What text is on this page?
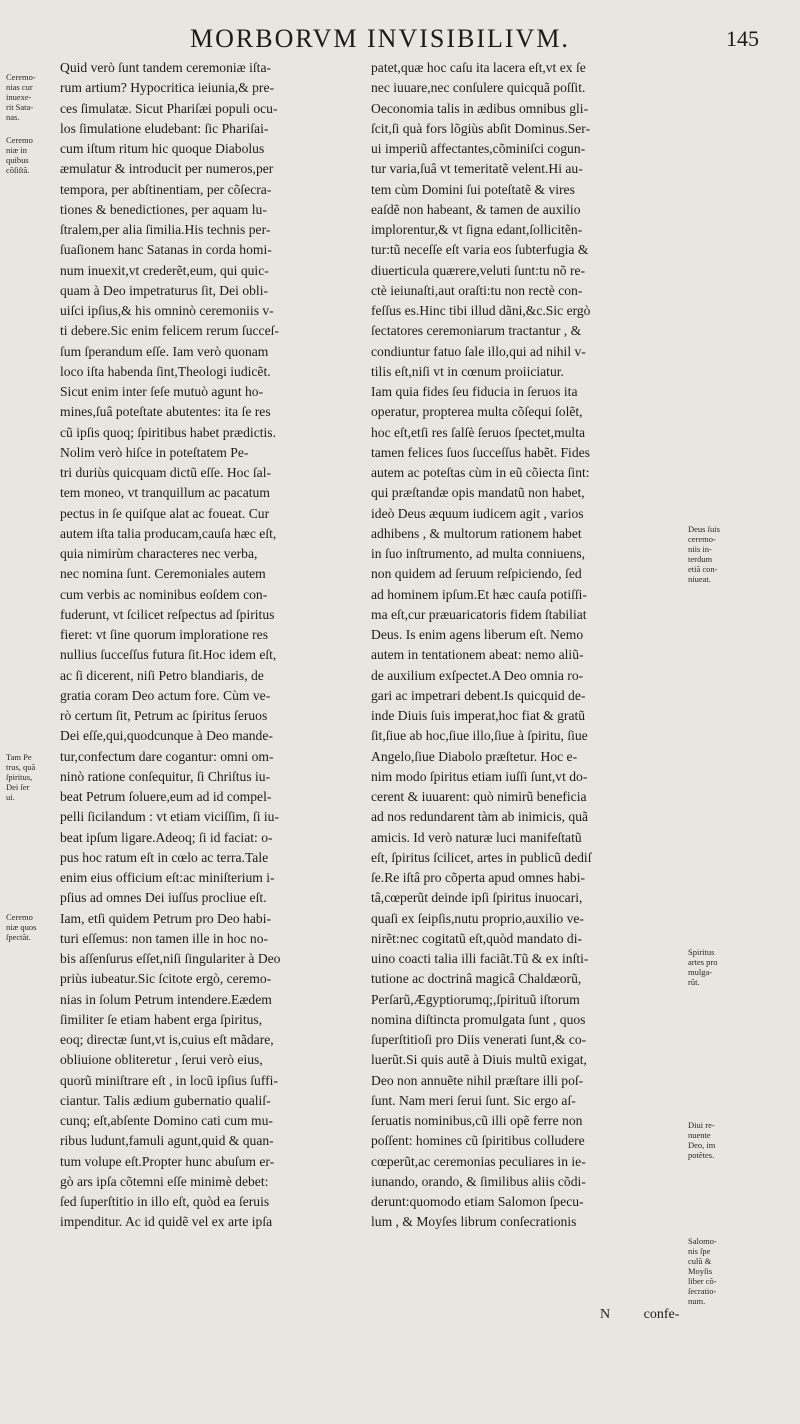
MORBORVM INVISIBILIVM.	145
Quid verò ſunt tandem ceremoniæ iſta-
rum artium? Hypocritica ieiunia,& pre-
ces ſimulatæ. Sicut Phariſæi populi ocu-
los ſimulatione eludebant: ſic Phariſai-
cum iſtum ritum hic quoque Diabolus
æmulatur & introducit per numeros,per
tempora, per abſtinentiam, per cõſecra-
tiones & benedictiones, per aquam lu-
ſtralem,per alia ſimilia.His technis per-
ſuaſionem hanc Satanas in corda homi-
num inuexit,vt crederẽt,eum, qui quic-
quam à Deo impetraturus ſit, Dei obli-
uiſci ipſius,& his omninò ceremoniis v-
ti debere.Sic enim felicem rerum ſucceſ-
ſum ſperandum eſſe. Iam verò quonam
loco iſta habenda ſint,Theologi iudicẽt.
Sicut enim inter ſeſe mutuò agunt ho-
mines,ſuâ poteſtate abutentes: ita ſe res
cũ ipſis quoq; ſpiritibus habet prædictis.
Nolim verò hiſce in poteſtatem Pe-
tri duriùs quicquam dictũ eſſe. Hoc ſal-
tem moneo, vt tranquillum ac pacatum
pectus in ſe quiſque alat ac foueat. Cur
autem iſta talia producam,cauſa hæc eſt,
quia nimirùm characteres nec verba,
nec nomina ſunt. Ceremoniales autem
cum verbis ac nominibus eoſdem con-
fuderunt, vt ſcilicet reſpectus ad ſpiritus
fieret: vt ſine quorum imploratione res
nullius ſucceſſus futura ſit.Hoc idem eſt,
ac ſi dicerent, niſi Petro blandiaris, de
gratia coram Deo actum fore. Cùm ve-
rò certum ſit, Petrum ac ſpiritus ſeruos
Dei eſſe,qui,quodcunque à Deo mande-
tur,confectum dare cogantur: omni om-
ninò ratione conſequitur, ſi Chriſtus iu-
beat Petrum ſoluere,eum ad id compel-
pelli ſicilandum : vt etiam viciſſim, ſi iu-
beat ipſum ligare.Adeoq; ſi id faciat: o-
pus hoc ratum eſt in cœlo ac terra.Tale
enim eius officium eſt:ac miniſterium i-
pſius ad omnes Dei iuſſus procliue eſt.
Iam, etſi quidem Petrum pro Deo habi-
turi eſſemus: non tamen ille in hoc no-
bis aſſenſurus eſſet,niſi ſingulariter à Deo
priùs iubeatur.Sic ſcitote ergò, ceremo-
nias in ſolum Petrum intendere.Eædem
ſimiliter ſe etiam habent erga ſpiritus,
eoq; directæ ſunt,vt is,cuius eſt mãdare,
obliuione obliteretur , ſerui verò eius,
quorũ miniſtrare eſt , in locũ ipſius ſuffi-
ciantur. Talis ædium gubernatio qualiſ-
cunq; eſt,abſente Domino cati cum mu-
ribus ludunt,famuli agunt,quid & quan-
tum volupe eſt.Propter hunc abuſum er-
gò ars ipſa cõtemni eſſe minimè debet:
ſed ſuperſtitio in illo eſt, quòd ea ſeruis
impenditur. Ac id quidẽ vel ex arte ipſa
patet,quæ hoc caſu ita lacera eſt,vt ex ſe
nec iuuare,nec conſulere quicquã poſſit.
Oeconomia talis in ædibus omnibus gli-
ſcit,ſi quà fors lõgiùs abſit Dominus.Ser-
ui imperiũ affectantes,cõminiſci cogun-
tur varia,ſuâ vt temeritatẽ velent.Hi au-
tem cùm Domini ſui poteſtatẽ & vires
eaſdẽ non habeant, & tamen de auxilio
implorentur,& vt ſigna edant,ſollicitẽn-
tur:tũ neceſſe eſt varia eos ſubterfugia &
diuerticula quærere,veluti ſunt:tu nõ re-
ctè ieiunaſti,aut oraſti:tu non rectè con-
feſſus es.Hinc tibi illud dãni,&c.Sic ergò
ſectatores ceremoniarum tractantur , &
condiuntur fatuo ſale illo,qui ad nihil v-
tilis eſt,niſi vt in cœnum proiiciatur.
Iam quia fides ſeu fiducia in ſeruos ita
operatur, propterea multa cõſequi ſolẽt,
hoc eſt,etſi res ſalſè ſeruos ſpectet,multa
tamen felices ſuos ſucceſſus habẽt. Fides
autem ac poteſtas cùm in eũ cõiecta ſint:
qui præſtandæ opis mandatũ non habet,
ideò Deus æquum iudicem agit , varios
adhibens , & multorum rationem habet
in ſuo inſtrumento, ad multa conniuens,
non quidem ad ſeruum reſpiciendo, ſed
ad hominem ipſum.Et hæc cauſa potiſſi-
ma eſt,cur præuaricatoris fidem ſtabiliat
Deus. Is enim agens liberum eſt. Nemo
autem in tentationem abeat: nemo aliũ-
de auxilium exſpectet.A Deo omnia ro-
gari ac impetrari debent.Is quicquid de-
inde Diuis ſuis imperat,hoc fiat & gratũ
ſit,ſiue ab hoc,ſiue illo,ſiue à ſpiritu, ſiue
Angelo,ſiue Diabolo præſtetur. Hoc e-
nim modo ſpiritus etiam iuſſi ſunt,vt do-
cerent & iuuarent: quò nimirũ beneficia
ad nos redundarent tàm ab inimicis, quã
amicis. Id verò naturæ luci manifeſtatũ
eſt, ſpiritus ſcilicet, artes in publicũ dediſ
ſe.Re iſtâ pro cõperta apud omnes habi-
tâ,cœperũt deinde ipſi ſpiritus inuocari,
quaſi ex ſeipſis,nutu proprio,auxilio ve-
nirẽt:nec cogitatũ eſt,quòd mandato di-
uino coacti talia illi faciãt.Tũ & ex inſti-
tutione ac doctrinâ magicâ Chaldæorũ,
Perſarũ,Ægyptiorumq;,ſpirituũ iſtorum
nomina diſtincta promulgata ſunt , quos
ſuperſtitioſi pro Diis venerati ſunt,& co-
luerũt.Si quis autẽ à Diuis multũ exigat,
Deo non annuẽte nihil præſtare illi poſ-
ſunt. Nam meri ſerui ſunt. Sic ergo aſ-
ſeruatis nominibus,cũ illi opẽ ferre non
poſſent: homines cũ ſpiritibus colludere
cœperũt,ac ceremonias peculiares in ie-
iunando, orando, & ſimilibus aliis cõdi-
derunt:quomodo etiam Salomon ſpecu-
lum , & Moyſes librum conſecrationis
Ceremo-
nias cur
inuexe-
rit Sata-
nas.
Ceremo
niæ in
quibus
cõſiſtã.
Tam Pe
trus, quã
ſpiritus,
Dei ſer
ui.
Ceremo
niæ quos
ſpectãt.
Deus ſuis
ceremo-
niis in-
terdum
etiã con-
niueat.
Spiritus
artes pro
mulga-
rũt.
Diui re-
nuente
Deo, im
potẽtes.
Salomo-
nis ſpe
culũ &
Moyſis
liber cõ-
ſecratio-
num.
N confe-
